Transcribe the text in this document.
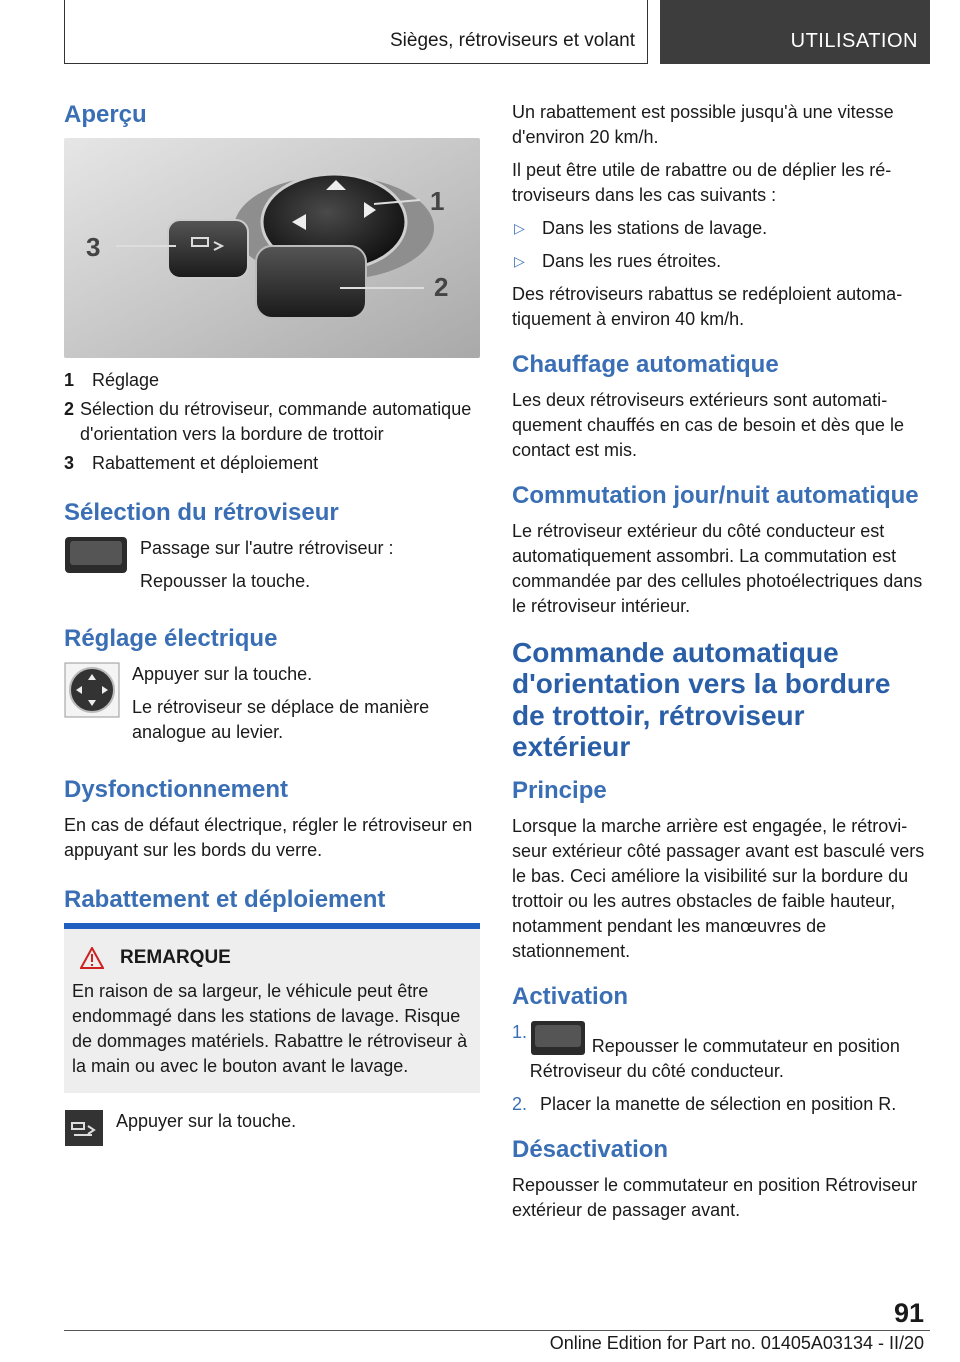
Sièges, rétroviseurs et volant	UTILISATION
Aperçu
1
2
3
1 Réglage
2 Sélection du rétroviseur, commande automatique d'orientation vers la bordure de trottoir
3 Rabattement et déploiement
Sélection du rétroviseur

Passage sur l'autre rétroviseur :

Repousser la touche.

Réglage électrique

Appuyer sur la touche.

Le rétroviseur se déplace de manière analogue au levier.

Dysfonctionnement

En cas de défaut électrique, régler le rétroviseur en appuyant sur les bords du verre.

Rabattement et déploiement
REMARQUE

En raison de sa largeur, le véhicule peut être endommagé dans les stations de lavage. Risque de dommages matériels. Rabattre le rétroviseur à la main ou avec le bouton avant le lavage.

Appuyer sur la touche.

Un rabattement est possible jusqu'à une vitesse d'environ 20 km/h.

Il peut être utile de rabattre ou de déplier les rétroviseurs dans les cas suivants :

▷ Dans les stations de lavage.
▷ Dans les rues étroites.

Des rétroviseurs rabattus se redéploient automatiquement à environ 40 km/h.

Chauffage automatique

Les deux rétroviseurs extérieurs sont automatiquement chauffés en cas de besoin et dès que le contact est mis.

Commutation jour/nuit automatique

Le rétroviseur extérieur du côté conducteur est automatiquement assombri. La commutation est commandée par des cellules photoélectriques dans le rétroviseur intérieur.

Commande automatique d'orientation vers la bordure de trottoir, rétroviseur extérieur
Principe

Lorsque la marche arrière est engagée, le rétroviseur extérieur côté passager avant est basculé vers le bas. Ceci améliore la visibilité sur la bordure du trottoir ou les autres obstacles de faible hauteur, notamment pendant les manœuvres de stationnement.

Activation
1.
Repousser le commutateur en position Rétroviseur du côté conducteur.
2. Placer la manette de sélection en position R.
Désactivation

Repousser le commutateur en position Rétroviseur extérieur de passager avant.

91
Online Edition for Part no. 01405A03134 - II/20
